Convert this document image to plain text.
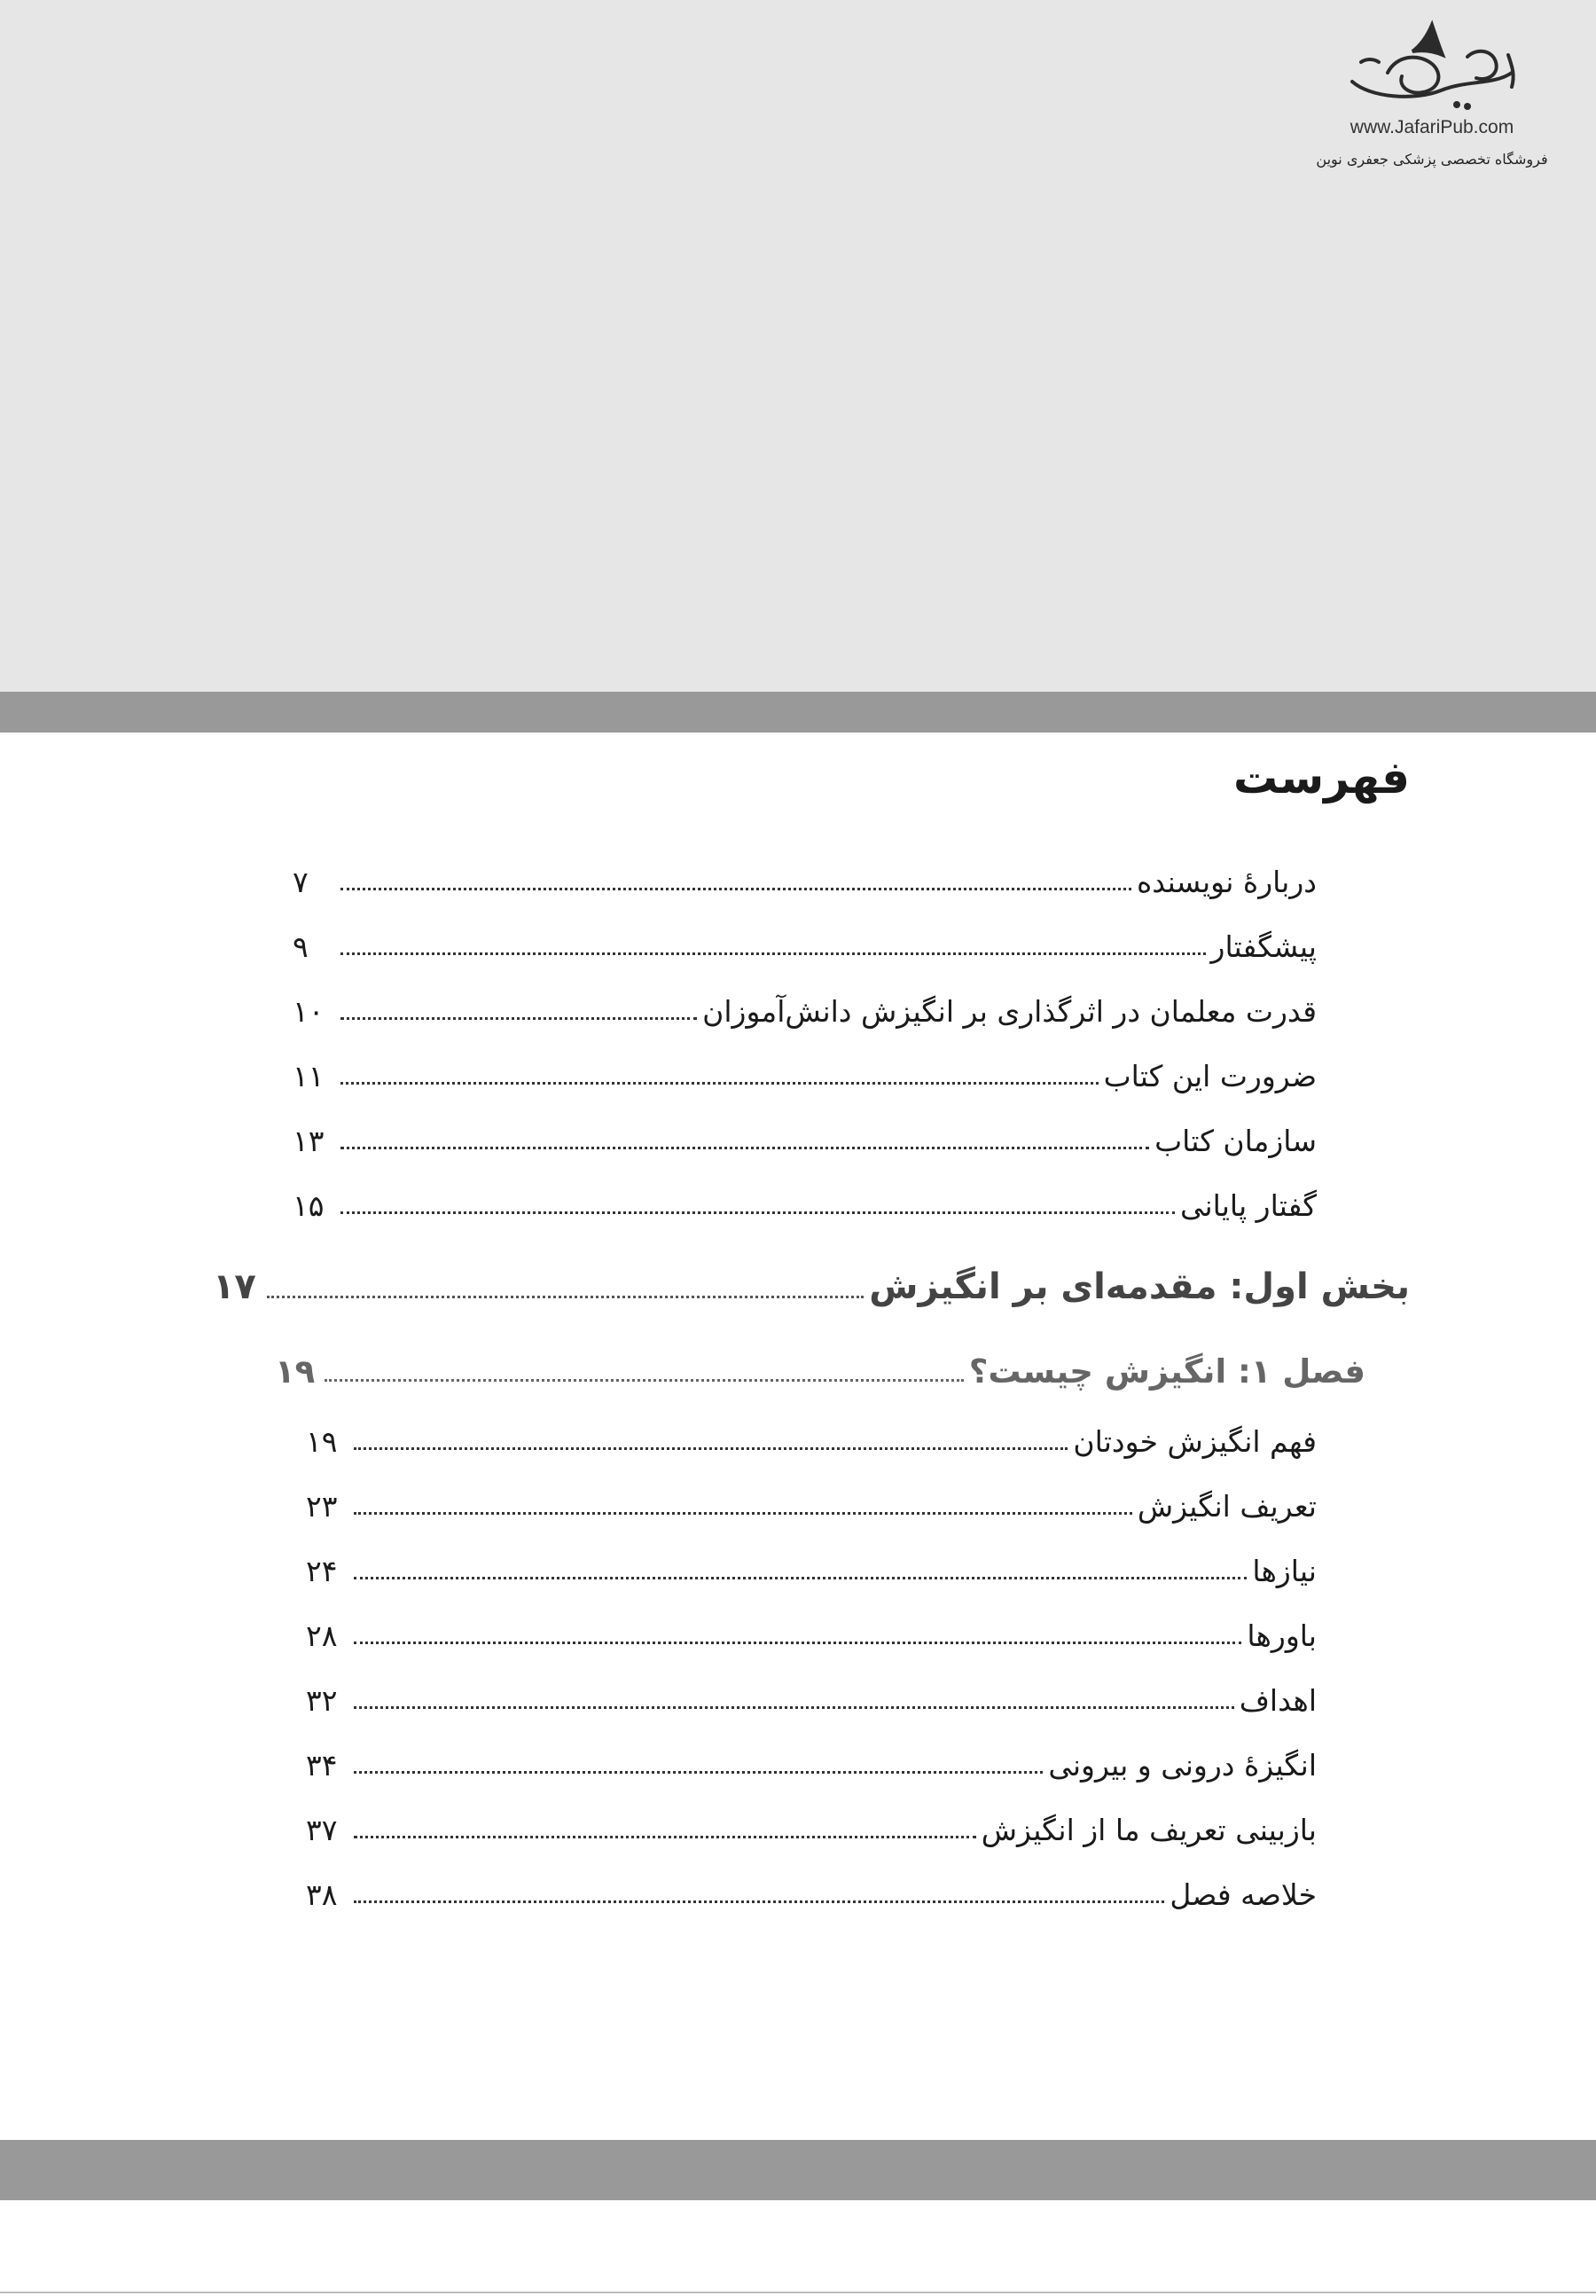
www.JafariPub.com
فروشگاه تخصصی پزشکی جعفری نوین
فهرست
دربارۀ نویسنده
۷
پیشگفتار
۹
قدرت معلمان در اثرگذاری بر انگیزش دانش‌آموزان
۱۰
ضرورت این کتاب
۱۱
سازمان کتاب
۱۳
گفتار پایانی
۱۵
بخش اول: مقدمه‌ای بر انگیزش
۱۷
فصل ۱: انگیزش چیست؟
۱۹
فهم انگیزش خودتان
۱۹
تعریف انگیزش
۲۳
نیازها
۲۴
باورها
۲۸
اهداف
۳۲
انگیزۀ درونی و بیرونی
۳۴
بازبینی تعریف ما از انگیزش
۳۷
خلاصه فصل
۳۸
